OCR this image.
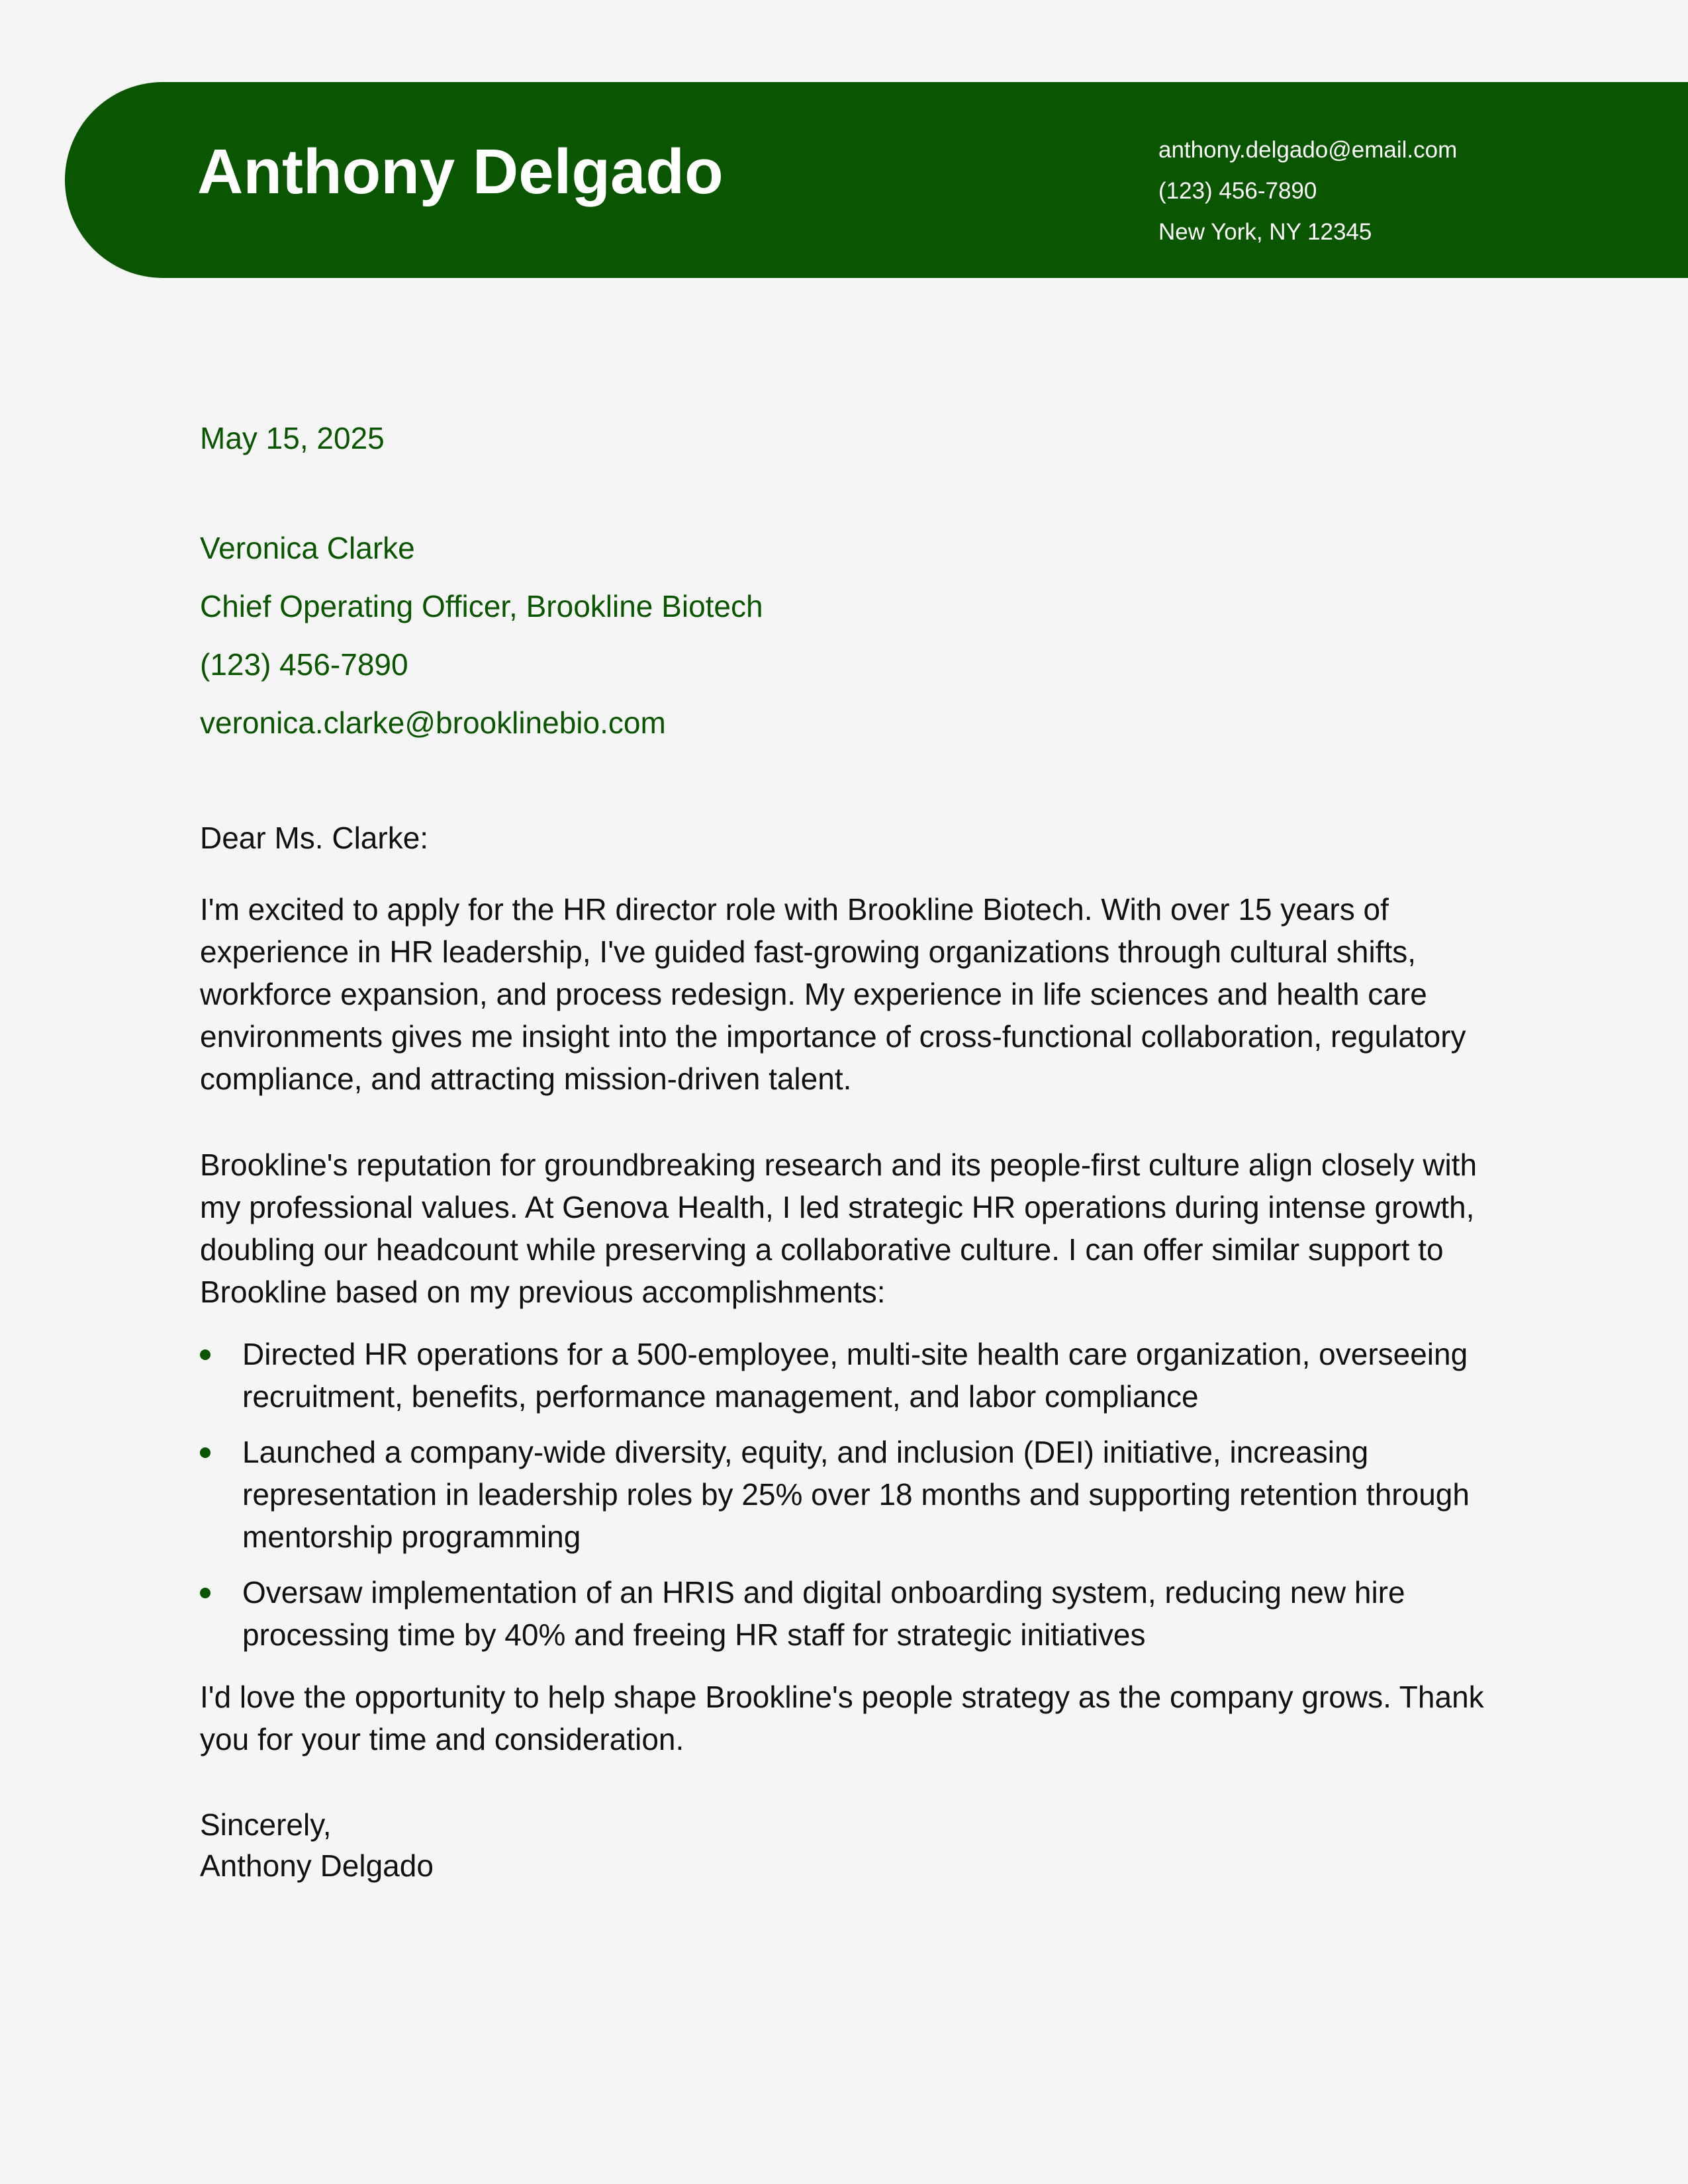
Anthony Delgado	anthony.delgado@email.com
(123) 456-7890
New York, NY 12345
May 15, 2025
Veronica Clarke
Chief Operating Officer, Brookline Biotech
(123) 456-7890
veronica.clarke@brooklinebio.com

Dear Ms. Clarke:

I'm excited to apply for the HR director role with Brookline Biotech. With over 15 years of experience in HR leadership, I've guided fast-growing organizations through cultural shifts, workforce expansion, and process redesign. My experience in life sciences and health care environments gives me insight into the importance of cross-functional collaboration, regulatory compliance, and attracting mission-driven talent.

Brookline's reputation for groundbreaking research and its people-first culture align closely with my professional values. At Genova Health, I led strategic HR operations during intense growth, doubling our headcount while preserving a collaborative culture. I can offer similar support to Brookline based on my previous accomplishments:

Directed HR operations for a 500-employee, multi-site health care organization, overseeing recruitment, benefits, performance management, and labor compliance
Launched a company-wide diversity, equity, and inclusion (DEI) initiative, increasing representation in leadership roles by 25% over 18 months and supporting retention through mentorship programming
Oversaw implementation of an HRIS and digital onboarding system, reducing new hire processing time by 40% and freeing HR staff for strategic initiatives

I'd love the opportunity to help shape Brookline's people strategy as the company grows. Thank you for your time and consideration.

Sincerely,
Anthony Delgado
